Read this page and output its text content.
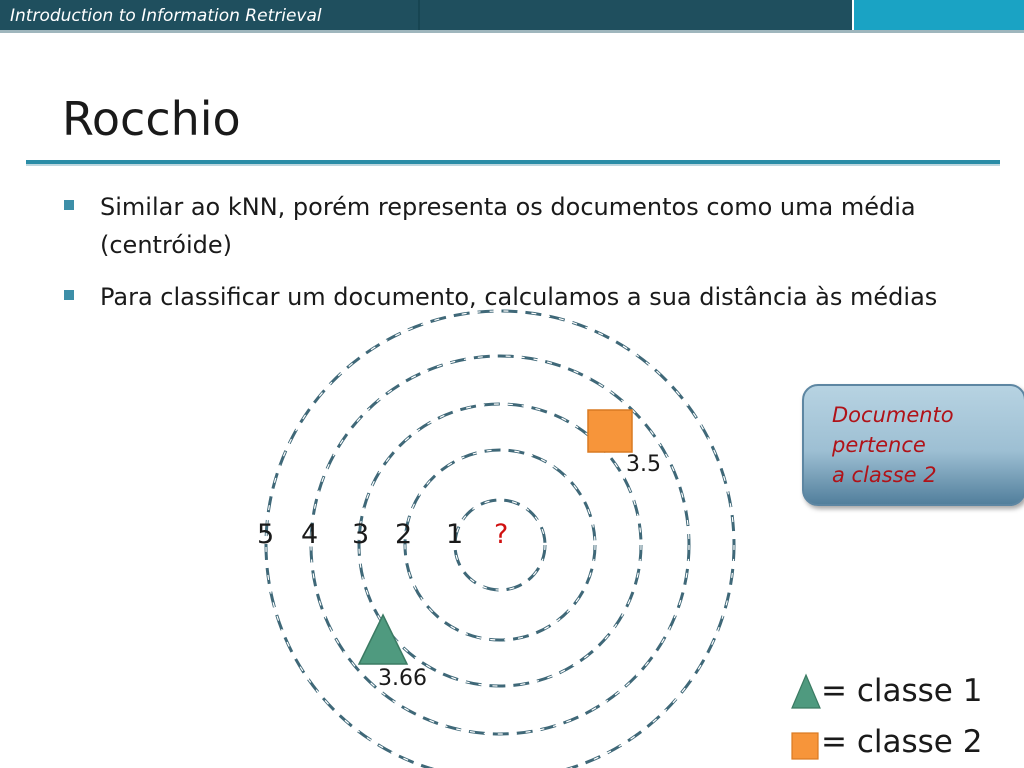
Introduction to Information Retrieval
Rocchio
Similar ao kNN, porém representa os documentos como uma média (centróide)
Para classificar um documento, calculamos a sua distância às médias
5 4 3 2 1 ?
3.5
3.66
Documento
pertence
a classe 2
= classe 1
= classe 2
